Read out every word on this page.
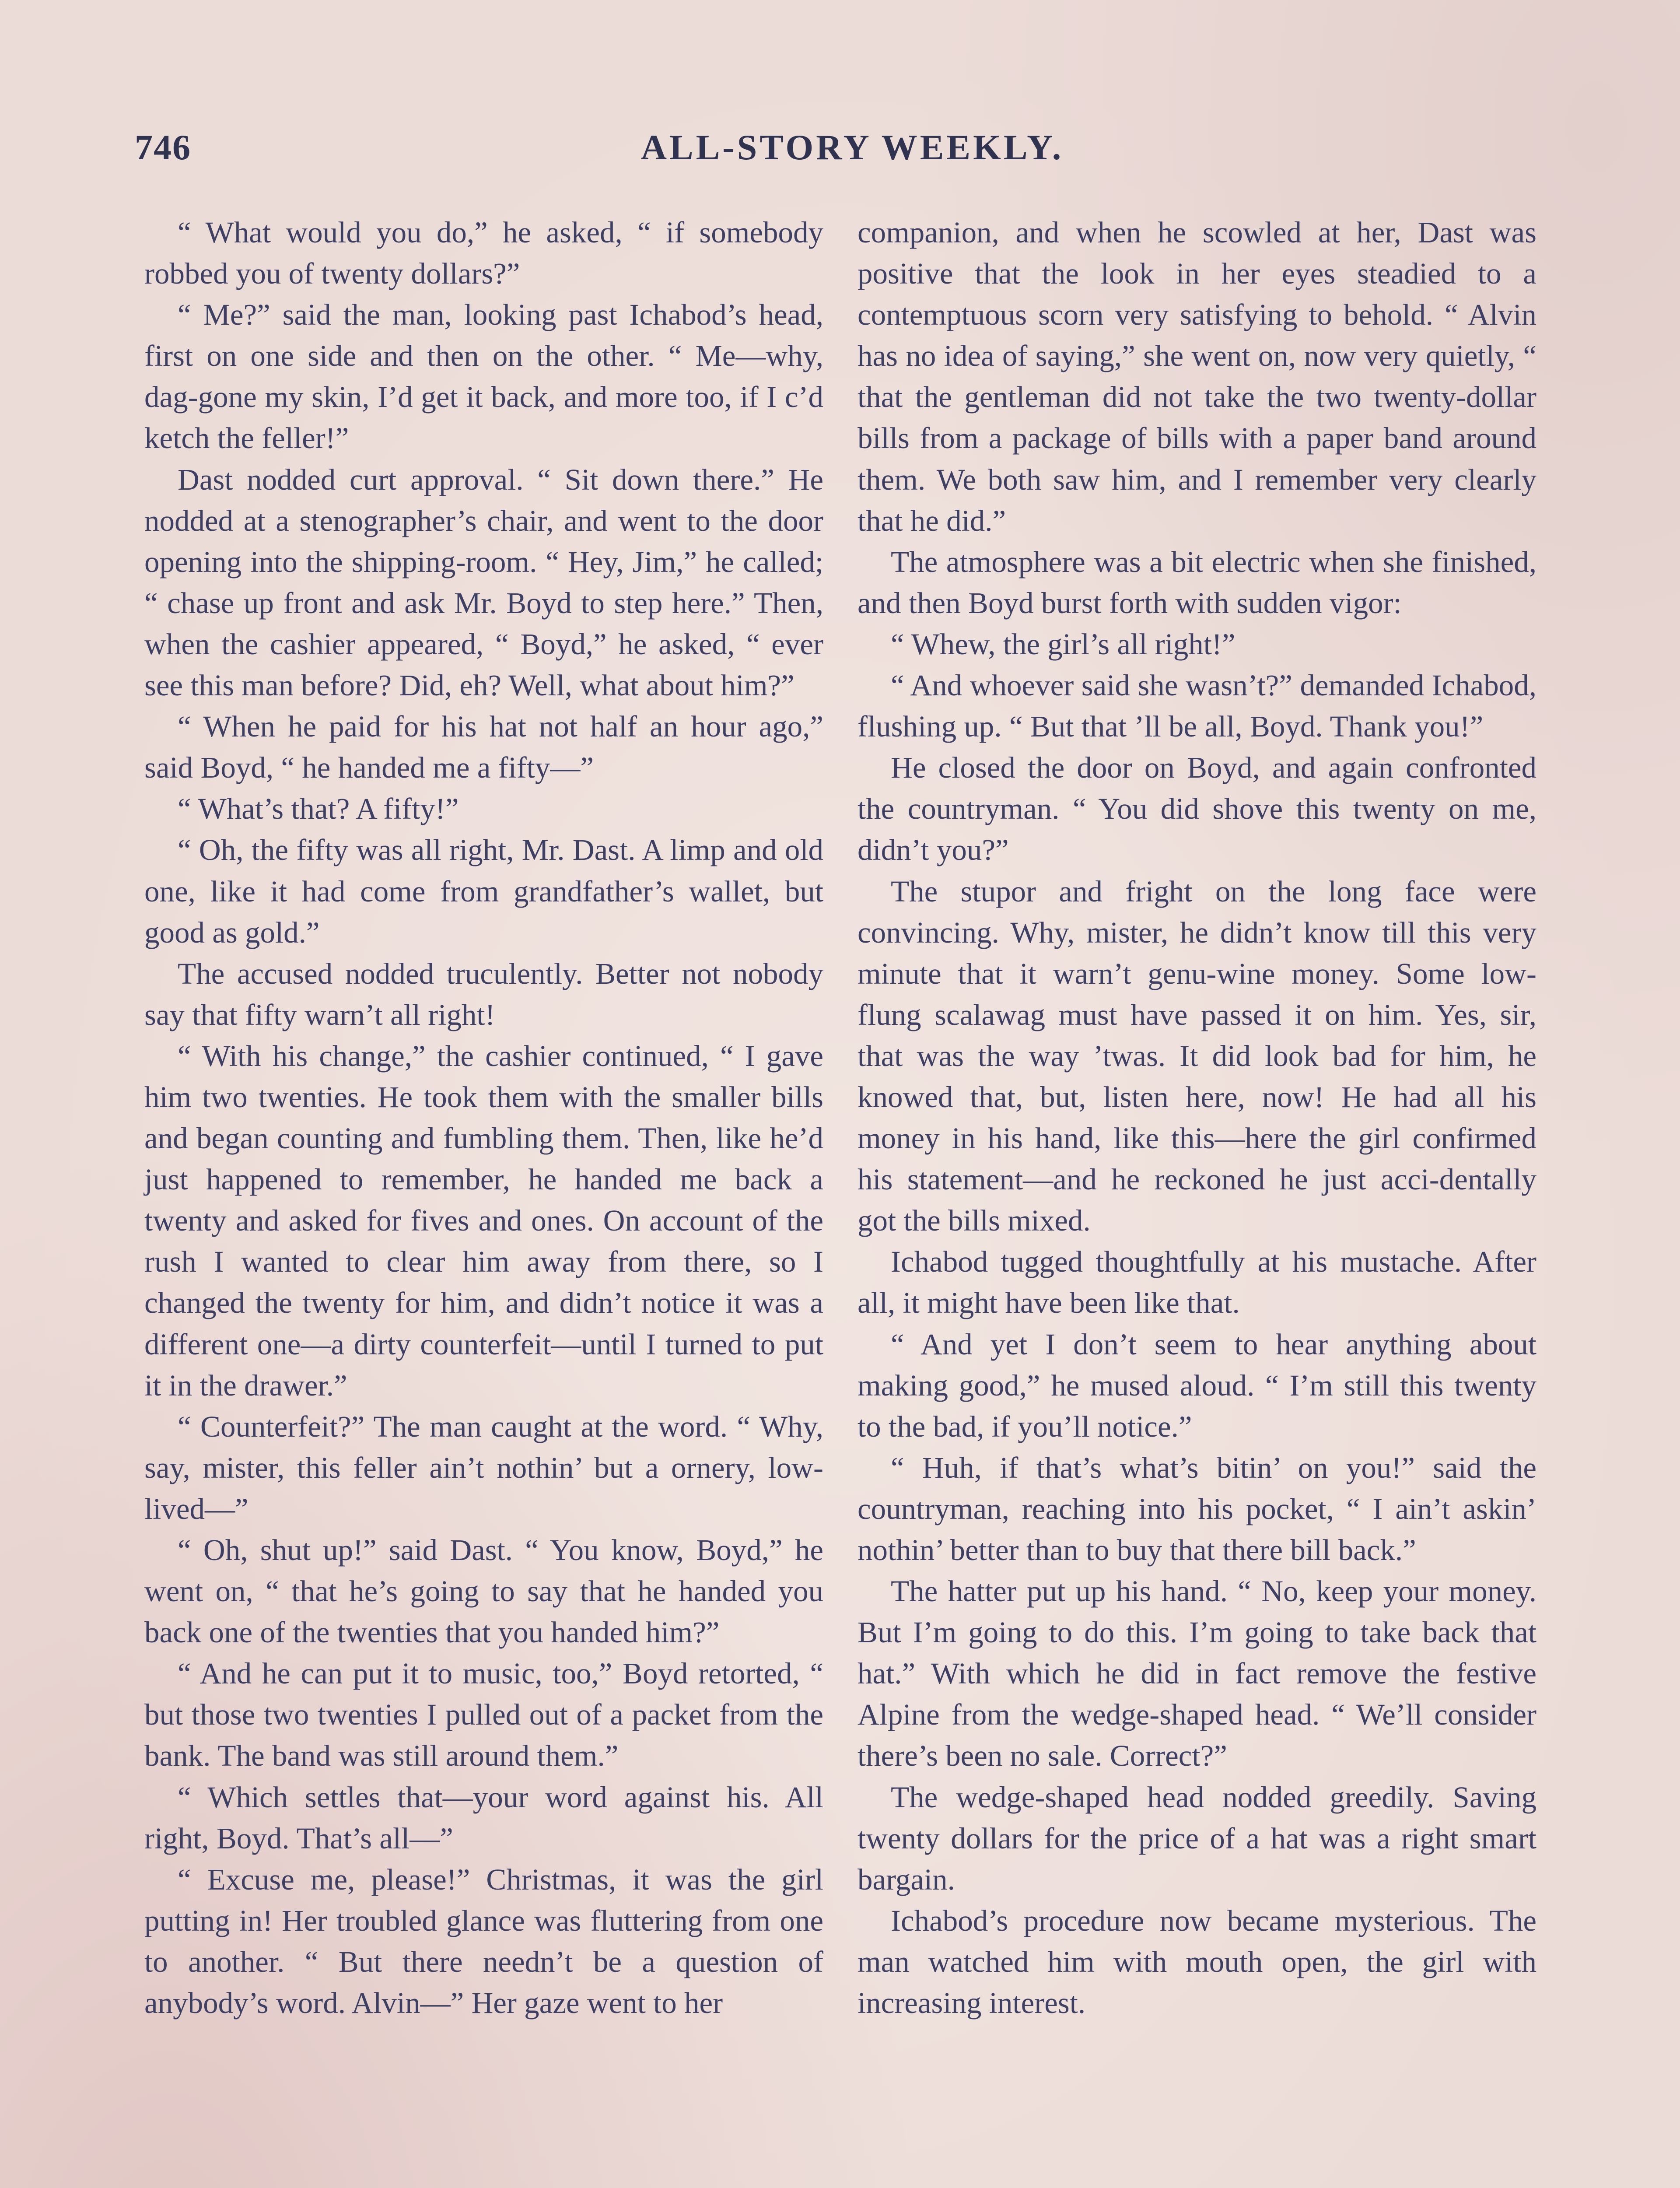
746	ALL-STORY WEEKLY.

“ What would you do,” he asked, “ if somebody robbed you of twenty dollars?”

“ Me?” said the man, looking past Ichabod’s head, first on one side and then on the other. “ Me—why, dag-gone my skin, I’d get it back, and more too, if I c’d ketch the feller!”

Dast nodded curt approval. “ Sit down there.” He nodded at a stenographer’s chair, and went to the door opening into the shipping-room. “ Hey, Jim,” he called; “ chase up front and ask Mr. Boyd to step here.” Then, when the cashier appeared, “ Boyd,” he asked, “ ever see this man before? Did, eh? Well, what about him?”

“ When he paid for his hat not half an hour ago,” said Boyd, “ he handed me a fifty—”

“ What’s that? A fifty!”

“ Oh, the fifty was all right, Mr. Dast. A limp and old one, like it had come from grandfather’s wallet, but good as gold.”

The accused nodded truculently. Better not nobody say that fifty warn’t all right!

“ With his change,” the cashier continued, “ I gave him two twenties. He took them with the smaller bills and began counting and fumbling them. Then, like he’d just happened to remember, he handed me back a twenty and asked for fives and ones. On account of the rush I wanted to clear him away from there, so I changed the twenty for him, and didn’t notice it was a different one—a dirty counterfeit—until I turned to put it in the drawer.”

“ Counterfeit?” The man caught at the word. “ Why, say, mister, this feller ain’t nothin’ but a ornery, low-lived—”

“ Oh, shut up!” said Dast. “ You know, Boyd,” he went on, “ that he’s going to say that he handed you back one of the twenties that you handed him?”

“ And he can put it to music, too,” Boyd retorted, “ but those two twenties I pulled out of a packet from the bank. The band was still around them.”

“ Which settles that—your word against his. All right, Boyd. That’s all—”

“ Excuse me, please!” Christmas, it was the girl putting in! Her troubled glance was fluttering from one to another. “ But there needn’t be a question of anybody’s word. Alvin—” Her gaze went to her

companion, and when he scowled at her, Dast was positive that the look in her eyes steadied to a contemptuous scorn very satisfying to behold. “ Alvin has no idea of saying,” she went on, now very quietly, “ that the gentleman did not take the two twenty-dollar bills from a package of bills with a paper band around them. We both saw him, and I remember very clearly that he did.”

The atmosphere was a bit electric when she finished, and then Boyd burst forth with sudden vigor:

“ Whew, the girl’s all right!”

“ And whoever said she wasn’t?” demanded Ichabod, flushing up. “ But that ’ll be all, Boyd. Thank you!”

He closed the door on Boyd, and again confronted the countryman. “ You did shove this twenty on me, didn’t you?”

The stupor and fright on the long face were convincing. Why, mister, he didn’t know till this very minute that it warn’t genu-wine money. Some low-flung scalawag must have passed it on him. Yes, sir, that was the way ’twas. It did look bad for him, he knowed that, but, listen here, now! He had all his money in his hand, like this—here the girl confirmed his statement—and he reckoned he just acci-dentally got the bills mixed.

Ichabod tugged thoughtfully at his mustache. After all, it might have been like that.

“ And yet I don’t seem to hear anything about making good,” he mused aloud. “ I’m still this twenty to the bad, if you’ll notice.”

“ Huh, if that’s what’s bitin’ on you!” said the countryman, reaching into his pocket, “ I ain’t askin’ nothin’ better than to buy that there bill back.”

The hatter put up his hand. “ No, keep your money. But I’m going to do this. I’m going to take back that hat.” With which he did in fact remove the festive Alpine from the wedge-shaped head. “ We’ll consider there’s been no sale. Correct?”

The wedge-shaped head nodded greedily. Saving twenty dollars for the price of a hat was a right smart bargain.

Ichabod’s procedure now became mysterious. The man watched him with mouth open, the girl with increasing interest.
